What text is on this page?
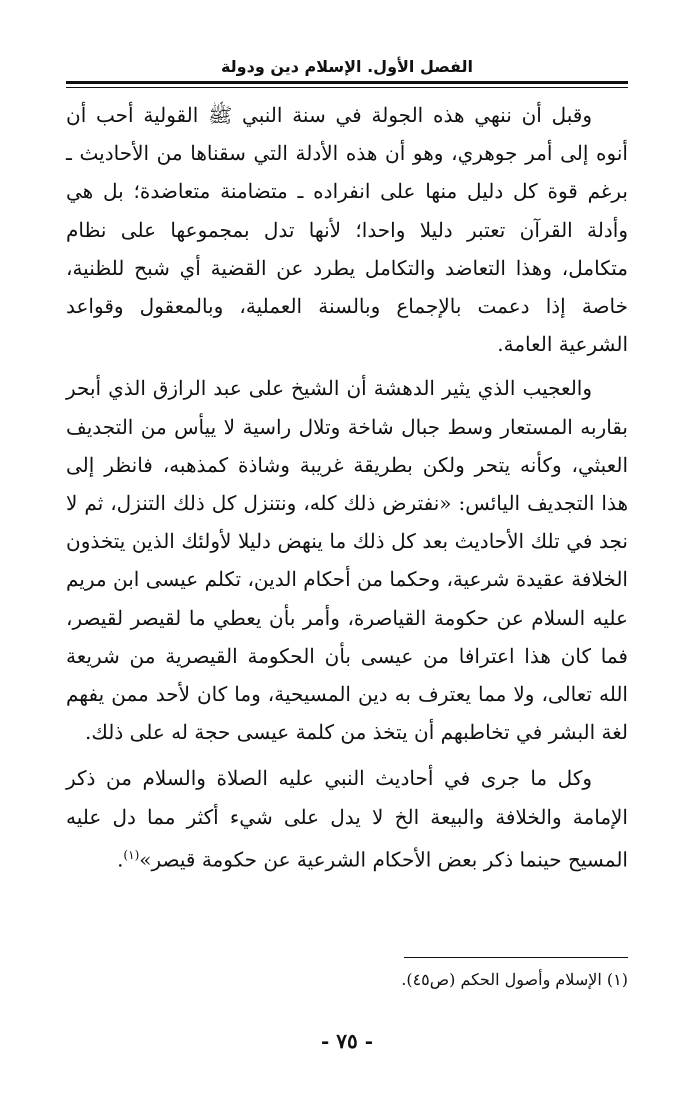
الفصل الأول. الإسلام دين ودولة

وقبل أن ننهي هذه الجولة في سنة النبي ﷺ القولية أحب أن أنوه إلى أمر جوهري، وهو أن هذه الأدلة التي سقناها من الأحاديث ـ برغم قوة كل دليل منها على انفراده ـ متضامنة متعاضدة؛ بل هي وأدلة القرآن تعتبر دليلا واحدا؛ لأنها تدل بمجموعها على نظام متكامل، وهذا التعاضد والتكامل يطرد عن القضية أي شبح للظنية، خاصة إذا دعمت بالإجماع وبالسنة العملية، وبالمعقول وقواعد الشرعية العامة.

والعجيب الذي يثير الدهشة أن الشيخ على عبد الرازق الذي أبحر بقاربه المستعار وسط جبال شاخة وتلال راسية لا ييأس من التجديف العبثي، وكأنه يتحر ولكن بطريقة غريبة وشاذة كمذهبه، فانظر إلى هذا التجديف اليائس: «نفترض ذلك كله، ونتنزل كل ذلك التنزل، ثم لا نجد في تلك الأحاديث بعد كل ذلك ما ينهض دليلا لأولئك الذين يتخذون الخلافة عقيدة شرعية، وحكما من أحكام الدين، تكلم عيسى ابن مريم عليه السلام عن حكومة القياصرة، وأمر بأن يعطي ما لقيصر لقيصر، فما كان هذا اعترافا من عيسى بأن الحكومة القيصرية من شريعة الله تعالى، ولا مما يعترف به دين المسيحية، وما كان لأحد ممن يفهم لغة البشر في تخاطبهم أن يتخذ من كلمة عيسى حجة له على ذلك.

وكل ما جرى في أحاديث النبي عليه الصلاة والسلام من ذكر الإمامة والخلافة والبيعة الخ لا يدل على شيء أكثر مما دل عليه المسيح حينما ذكر بعض الأحكام الشرعية عن حكومة قيصر»$^{(١)}$.

(١) الإسلام وأصول الحكم (ص٤٥).
- ٧٥ -
